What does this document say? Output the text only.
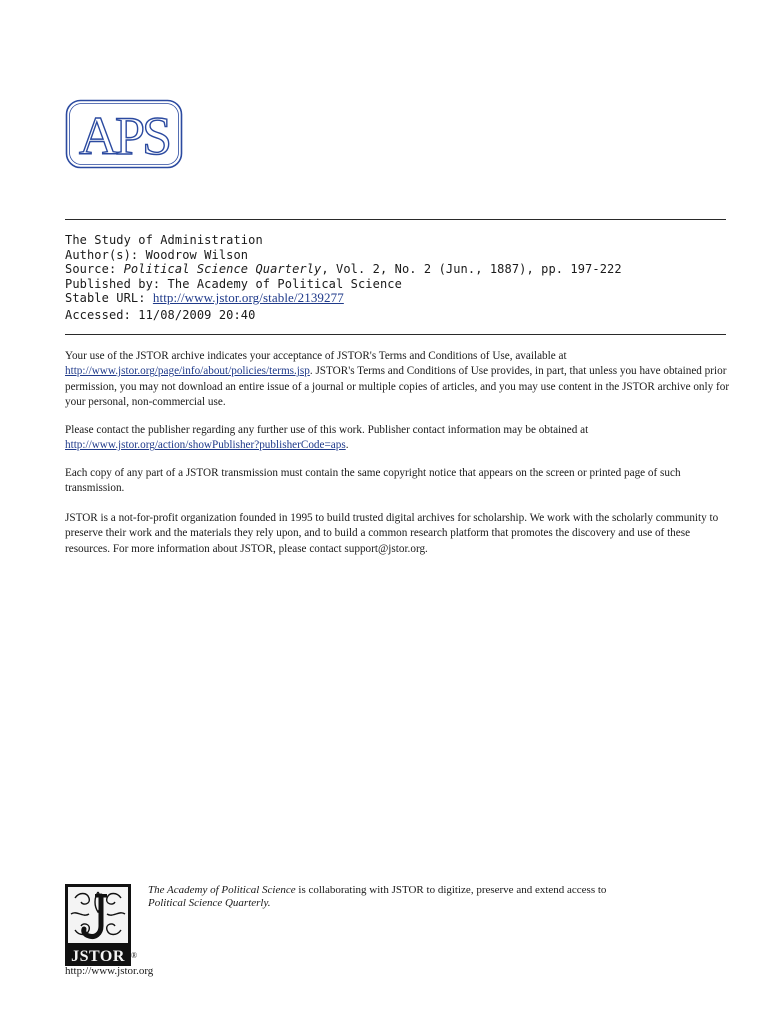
APS
The Study of Administration
Author(s): Woodrow Wilson
Source: Political Science Quarterly, Vol. 2, No. 2 (Jun., 1887), pp. 197-222
Published by: The Academy of Political Science
Stable URL: http://www.jstor.org/stable/2139277
Accessed: 11/08/2009 20:40

Your use of the JSTOR archive indicates your acceptance of JSTOR's Terms and Conditions of Use, available at http://www.jstor.org/page/info/about/policies/terms.jsp. JSTOR's Terms and Conditions of Use provides, in part, that unless you have obtained prior permission, you may not download an entire issue of a journal or multiple copies of articles, and you may use content in the JSTOR archive only for your personal, non-commercial use.

Please contact the publisher regarding any further use of this work. Publisher contact information may be obtained at http://www.jstor.org/action/showPublisher?publisherCode=aps.

Each copy of any part of a JSTOR transmission must contain the same copyright notice that appears on the screen or printed page of such transmission.

JSTOR is a not-for-profit organization founded in 1995 to build trusted digital archives for scholarship. We work with the scholarly community to preserve their work and the materials they rely upon, and to build a common research platform that promotes the discovery and use of these resources. For more information about JSTOR, please contact support@jstor.org.

JSTOR ®
The Academy of Political Science is collaborating with JSTOR to digitize, preserve and extend access to
Political Science Quarterly.
http://www.jstor.org
